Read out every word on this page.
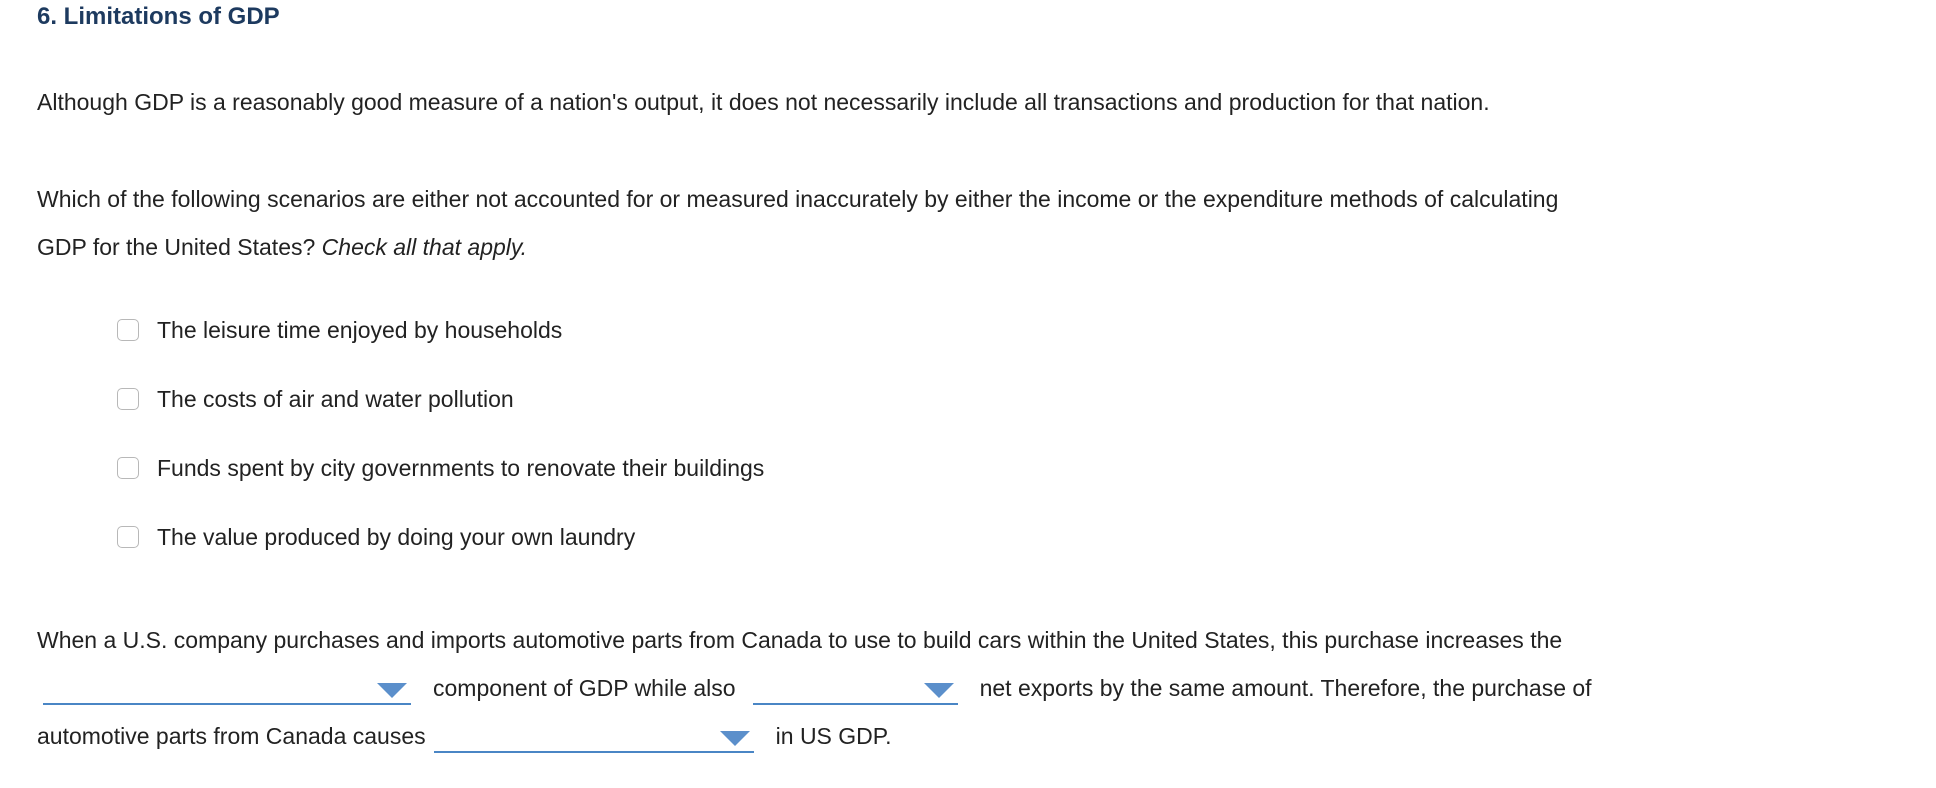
6. Limitations of GDP
Although GDP is a reasonably good measure of a nation's output, it does not necessarily include all transactions and production for that nation.
Which of the following scenarios are either not accounted for or measured inaccurately by either the income or the expenditure methods of calculating
GDP for the United States? Check all that apply.
The leisure time enjoyed by households
The costs of air and water pollution
Funds spent by city governments to renovate their buildings
The value produced by doing your own laundry
When a U.S. company purchases and imports automotive parts from Canada to use to build cars within the United States, this purchase increases the
component of GDP while also	net exports by the same amount. Therefore, the purchase of
automotive parts from Canada causes	in US GDP.
